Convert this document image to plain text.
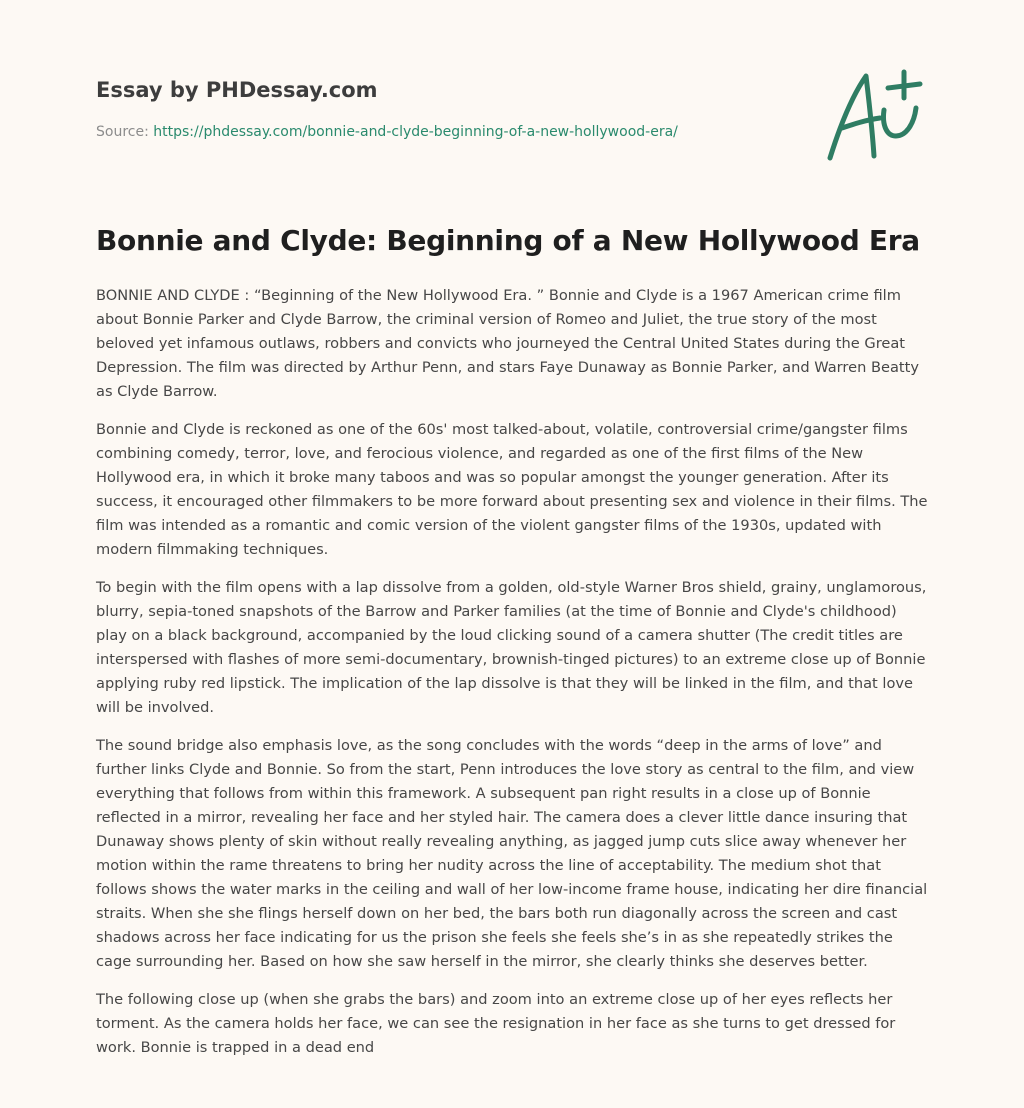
Essay by PHDessay.com

Source: https://phdessay.com/bonnie-and-clyde-beginning-of-a-new-hollywood-era/

Bonnie and Clyde: Beginning of a New Hollywood Era

BONNIE AND CLYDE : “Beginning of the New Hollywood Era. ” Bonnie and Clyde is a 1967 American crime film about Bonnie Parker and Clyde Barrow, the criminal version of Romeo and Juliet, the true story of the most beloved yet infamous outlaws, robbers and convicts who journeyed the Central United States during the Great Depression. The film was directed by Arthur Penn, and stars Faye Dunaway as Bonnie Parker, and Warren Beatty as Clyde Barrow.

Bonnie and Clyde is reckoned as one of the 60s' most talked-about, volatile, controversial crime/gangster films combining comedy, terror, love, and ferocious violence, and regarded as one of the first films of the New Hollywood era, in which it broke many taboos and was so popular amongst the younger generation. After its success, it encouraged other filmmakers to be more forward about presenting sex and violence in their films. The film was intended as a romantic and comic version of the violent gangster films of the 1930s, updated with modern filmmaking techniques.

To begin with the film opens with a lap dissolve from a golden, old-style Warner Bros shield, grainy, unglamorous, blurry, sepia-toned snapshots of the Barrow and Parker families (at the time of Bonnie and Clyde's childhood) play on a black background, accompanied by the loud clicking sound of a camera shutter (The credit titles are interspersed with flashes of more semi-documentary, brownish-tinged pictures) to an extreme close up of Bonnie applying ruby red lipstick. The implication of the lap dissolve is that they will be linked in the film, and that love will be involved.

The sound bridge also emphasis love, as the song concludes with the words “deep in the arms of love” and further links Clyde and Bonnie. So from the start, Penn introduces the love story as central to the film, and view everything that follows from within this framework. A subsequent pan right results in a close up of Bonnie reflected in a mirror, revealing her face and her styled hair. The camera does a clever little dance insuring that Dunaway shows plenty of skin without really revealing anything, as jagged jump cuts slice away whenever her motion within the rame threatens to bring her nudity across the line of acceptability. The medium shot that follows shows the water marks in the ceiling and wall of her low-income frame house, indicating her dire financial straits. When she she flings herself down on her bed, the bars both run diagonally across the screen and cast shadows across her face indicating for us the prison she feels she feels she’s in as she repeatedly strikes the cage surrounding her. Based on how she saw herself in the mirror, she clearly thinks she deserves better.

The following close up (when she grabs the bars) and zoom into an extreme close up of her eyes reflects her torment. As the camera holds her face, we can see the resignation in her face as she turns to get dressed for work. Bonnie is trapped in a dead end
